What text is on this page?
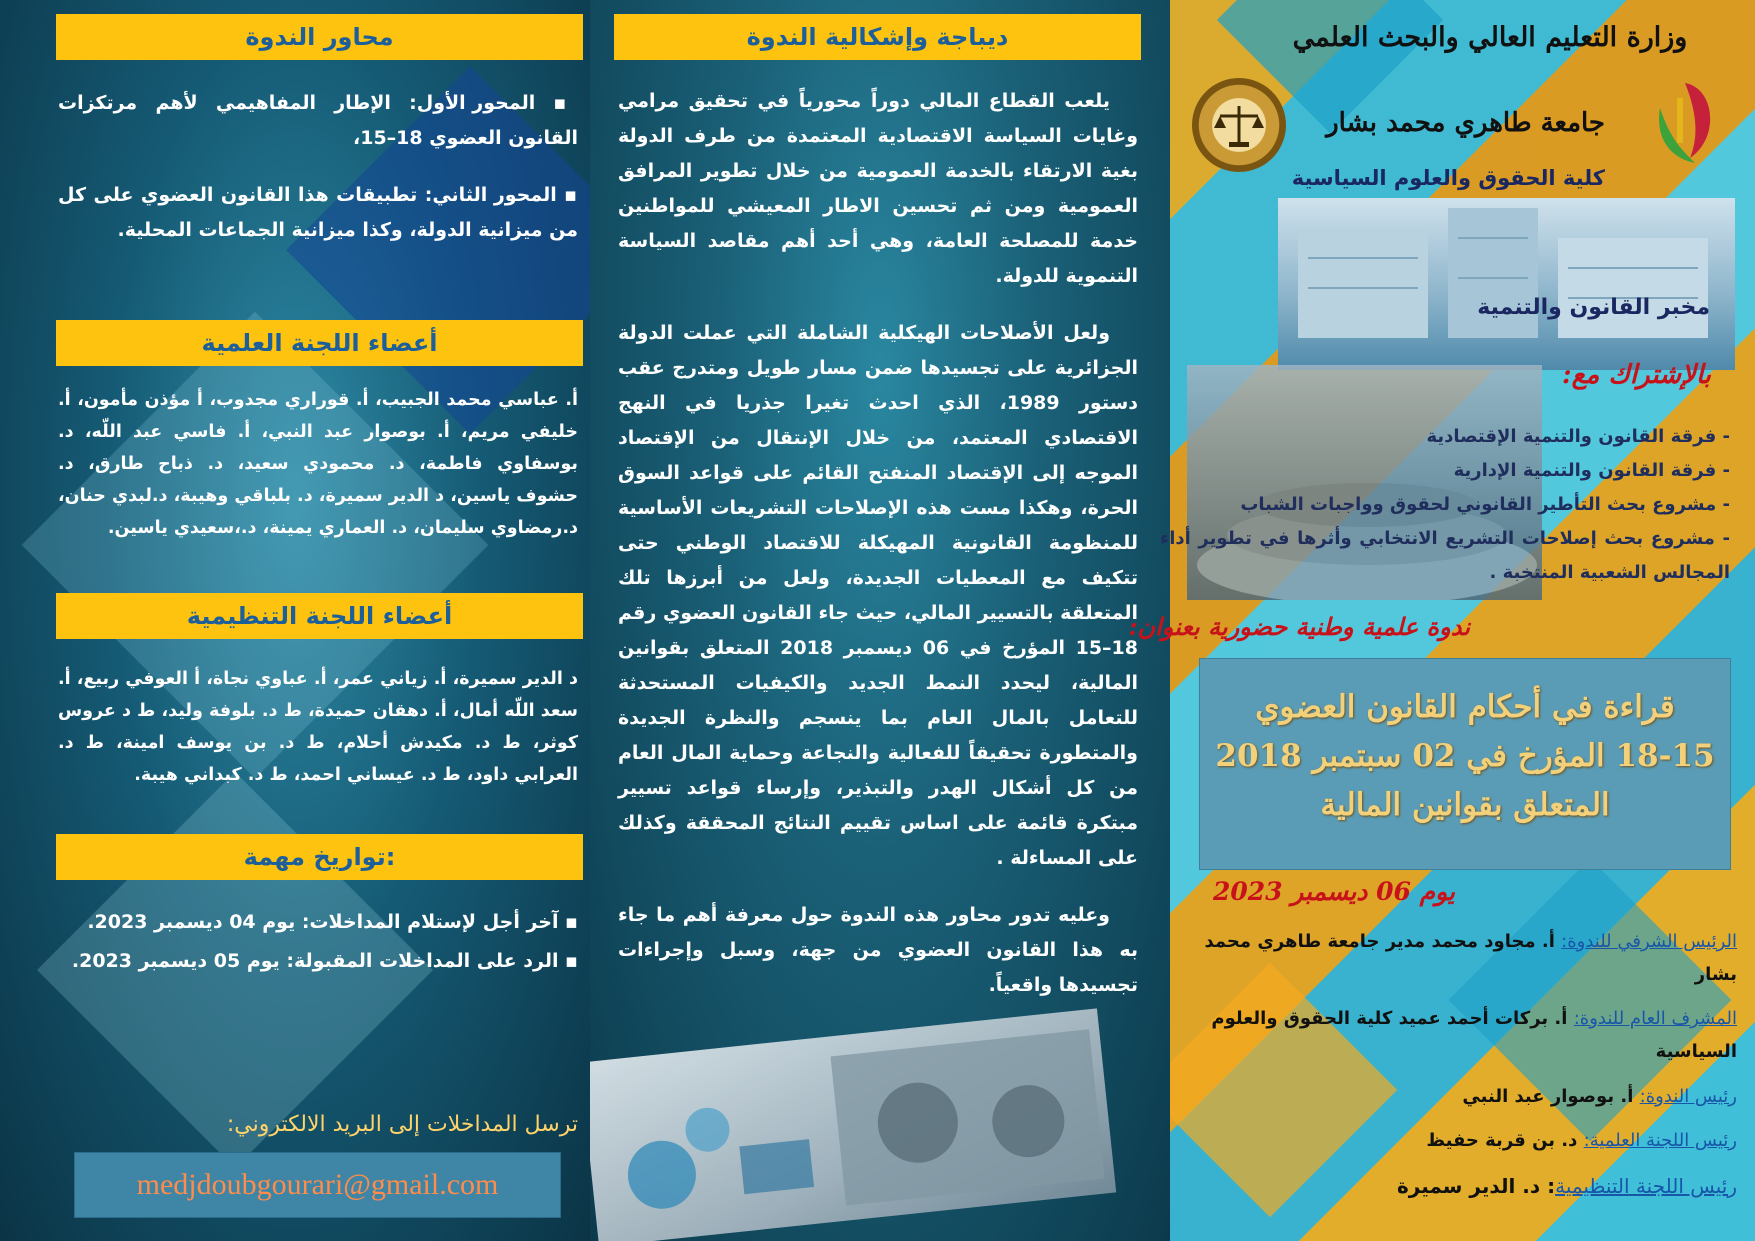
محاور الندوة

▪ المحور الأول: الإطار المفاهيمي لأهم مرتكزات القانون العضوي 18–15،

▪ المحور الثاني: تطبيقات هذا القانون العضوي على كل من ميزانية الدولة، وكذا ميزانية الجماعات المحلية.

أعضاء اللجنة العلمية
أ. عباسي محمد الجبيب، أ. قوراري مجدوب، أ مؤذن مأمون، أ. خليفي مريم، أ. بوصوار عبد النبي، أ. فاسي عبد اللّه، د. بوسفاوي فاطمة، د. محمودي سعيد، د. ذباح طارق، د. حشوف ياسين، د الدير سميرة، د. بلباقي وهيبة، د.لبدي حنان، د.رمضاوي سليمان، د. العماري يمينة، د.،سعيدي ياسين.
أعضاء اللجنة التنظيمية
د الدير سميرة، أ. زياني عمر، أ. عباوي نجاة، أ العوفي ربيع، أ. سعد اللّه أمال، أ. دهقان حميدة، ط د. بلوفة وليد، ط د عروس كوثر، ط د. مكيدش أحلام، ط د. بن يوسف امينة، ط د. العرابي داود، ط د. عيساني احمد، ط د. كبداني هيبة.
تواريخ مهمة:

▪ آخر أجل لإستلام المداخلات: يوم 04 ديسمبر 2023.

▪ الرد على المداخلات المقبولة: يوم 05 ديسمبر 2023.

ترسل المداخلات إلى البريد الالكتروني:
medjdoubgourari@gmail.com
ديباجة وإشكالية الندوة

يلعب القطاع المالي دوراً محورياً في تحقيق مرامي وغايات السياسة الاقتصادية المعتمدة من طرف الدولة بغية الارتقاء بالخدمة العمومية من خلال تطوير المرافق العمومية ومن ثم تحسين الاطار المعيشي للمواطنين خدمة للمصلحة العامة، وهي أحد أهم مقاصد السياسة التنموية للدولة.

ولعل الأصلاحات الهيكلية الشاملة التي عملت الدولة الجزائرية على تجسيدها ضمن مسار طويل ومتدرج عقب دستور 1989، الذي احدث تغيرا جذريا في النهج الاقتصادي المعتمد، من خلال الإنتقال من الإقتصاد الموجه إلى الإقتصاد المنفتح القائم على قواعد السوق الحرة، وهكذا مست هذه الإصلاحات التشريعات الأساسية للمنظومة القانونية المهيكلة للاقتصاد الوطني حتى تتكيف مع المعطيات الجديدة، ولعل من أبرزها تلك المتعلقة بالتسيير المالي، حيث جاء القانون العضوي رقم 18–15 المؤرخ في 06 ديسمبر 2018 المتعلق بقوانين المالية، ليحدد النمط الجديد والكيفيات المستحدثة للتعامل بالمال العام بما ينسجم والنظرة الجديدة والمتطورة تحقيقاً للفعالية والنجاعة وحماية المال العام من كل أشكال الهدر والتبذير، وإرساء قواعد تسيير مبتكرة قائمة على اساس تقييم النتائج المحققة وكذلك على المساءلة .

وعليه تدور محاور هذه الندوة حول معرفة أهم ما جاء به هذا القانون العضوي من جهة، وسبل وإجراءات تجسيدها واقعياً.

وزارة التعليم العالي والبحث العلمي
جامعة طاهري محمد بشار
كلية الحقوق والعلوم السياسية
مخبر القانون والتنمية
بالإشتراك مع:
- فرقة القانون والتنمية الإقتصادية
- فرقة القانون والتنمية الإدارية
- مشروع بحث التأطير القانوني لحقوق وواجبات الشباب
- مشروع بحث إصلاحات التشريع الانتخابي وأثرها في تطوير أداء المجالس الشعبية المنتخبة .
ندوة علمية وطنية حضورية بعنوان:
قراءة في أحكام القانون العضوي
18-15 المؤرخ في 02 سبتمبر 2018
المتعلق بقوانين المالية
يوم 06 ديسمبر 2023
الرئيس الشرفي للندوة: أ. مجاود محمد مدير جامعة طاهري محمد بشار
المشرف العام للندوة: أ. بركات أحمد عميد كلية الحقوق والعلوم السياسية
رئيس الندوة: أ. بوصوار عبد النبي
رئيس اللجنة العلمية: د. بن قربة حفيظ
رئيس اللجنة التنظيمية: د. الدير سميرة
